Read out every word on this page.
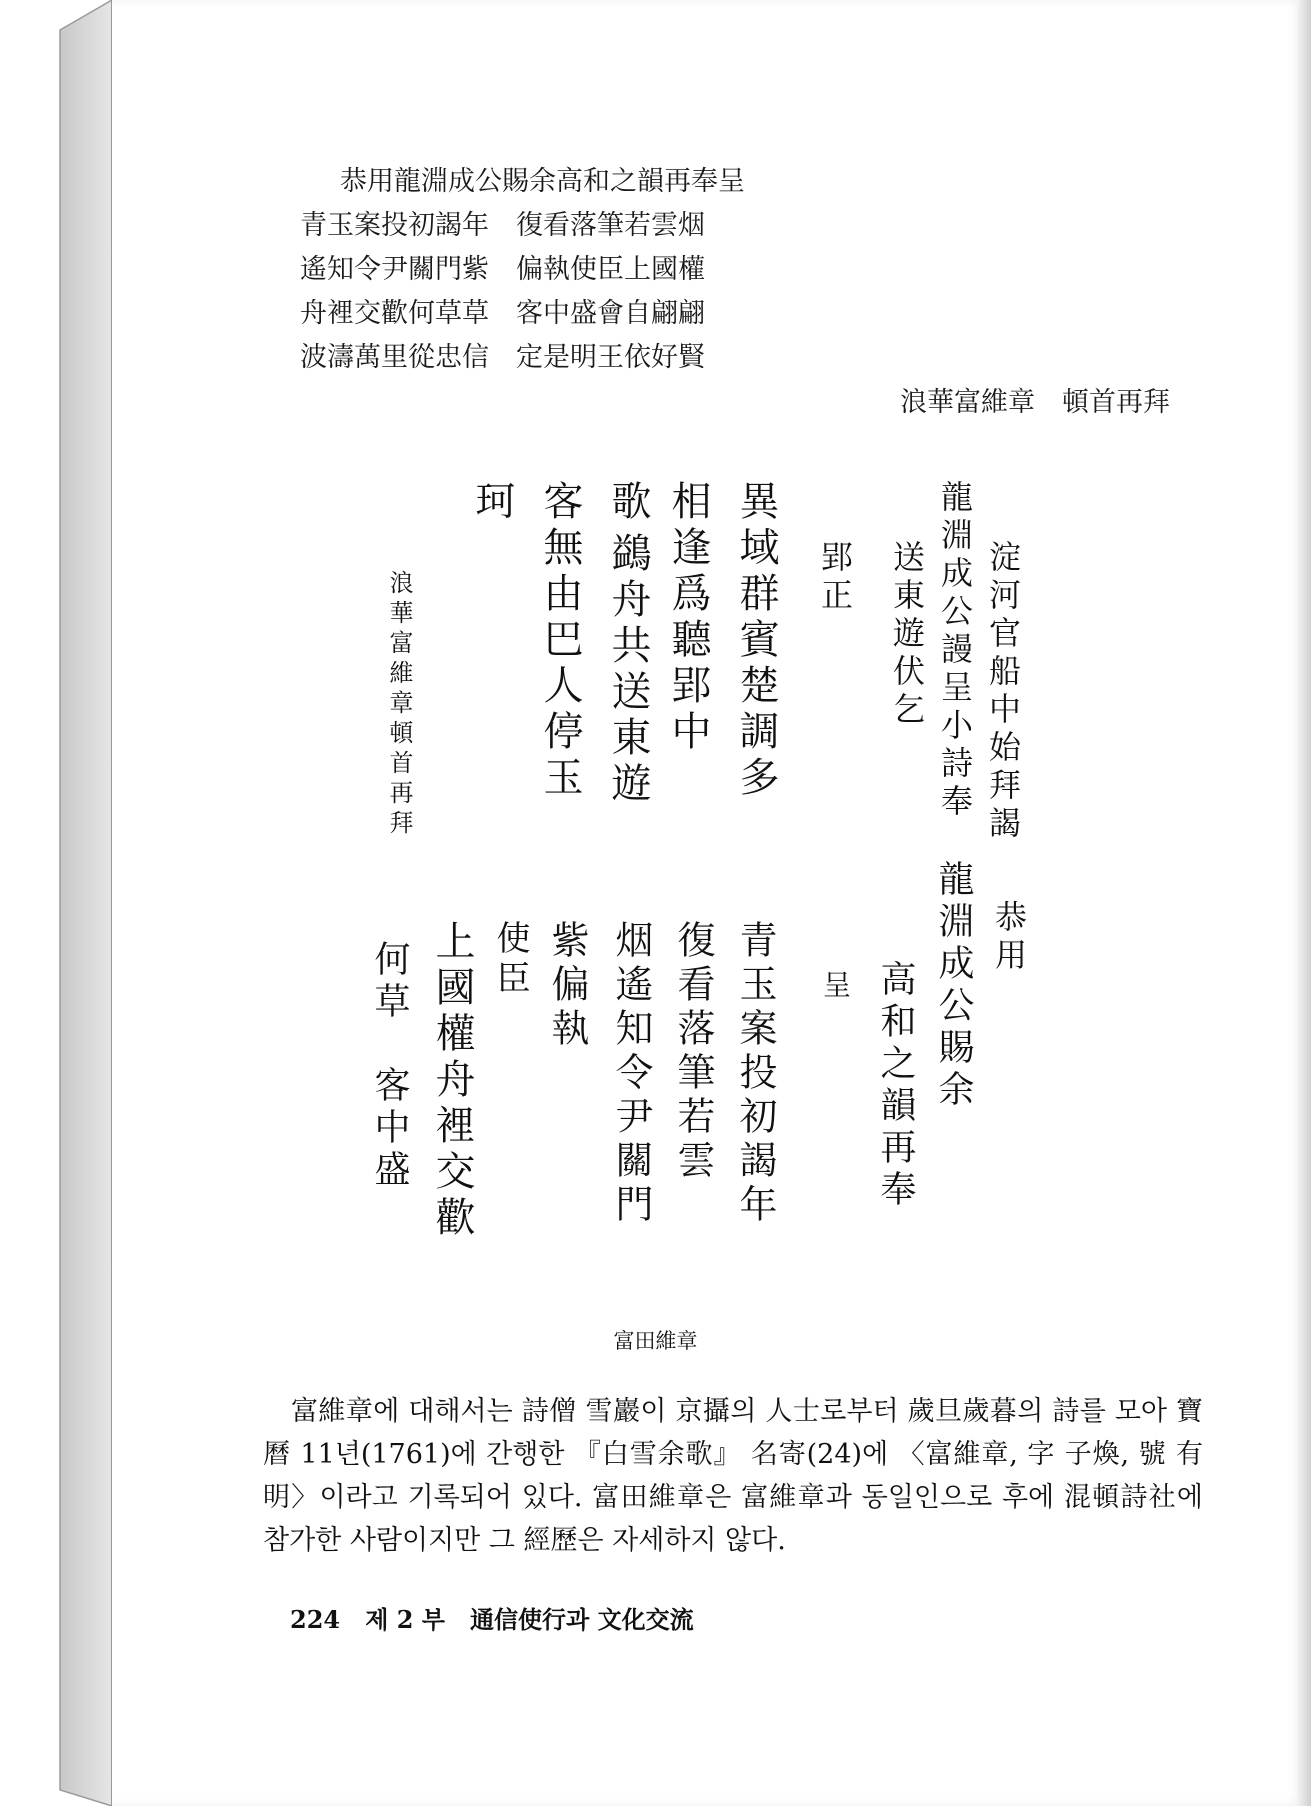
恭用龍淵成公賜余高和之韻再奉呈
青玉案投初謁年　復看落筆若雲烟
遙知令尹關門紫　偏執使臣上國權
舟裡交歡何草草　客中盛會自翩翩
波濤萬里從忠信　定是明王依好賢
浪華富維章　頓首再拜
淀河官船中始拜謁
龍淵成公謾呈小詩奉
送東遊伏乞
郢正
異域群賓楚調多
相逢爲聽郢中
歌
鷁舟共送東遊
客無由巴人停玉
珂
浪華富維章頓首再拜
恭用
龍淵成公賜余
高和之韻再奉
呈
青玉案投初謁年
復看落筆若雲
烟遙知令尹關門
紫偏執
使臣
上國權舟裡交歡
何草　客中盛
富田維章

富維章에 대해서는 詩僧 雪巖이 京攝의 人士로부터 歲旦歲暮의 詩를 모아 寶曆 11년(1761)에 간행한 『白雪余歌』 名寄(24)에 〈富維章, 字 子煥, 號 有明〉이라고 기록되어 있다. 富田維章은 富維章과 동일인으로 후에 混頓詩社에 참가한 사람이지만 그 經歷은 자세하지 않다.

224 제 2 부 通信使行과 文化交流
